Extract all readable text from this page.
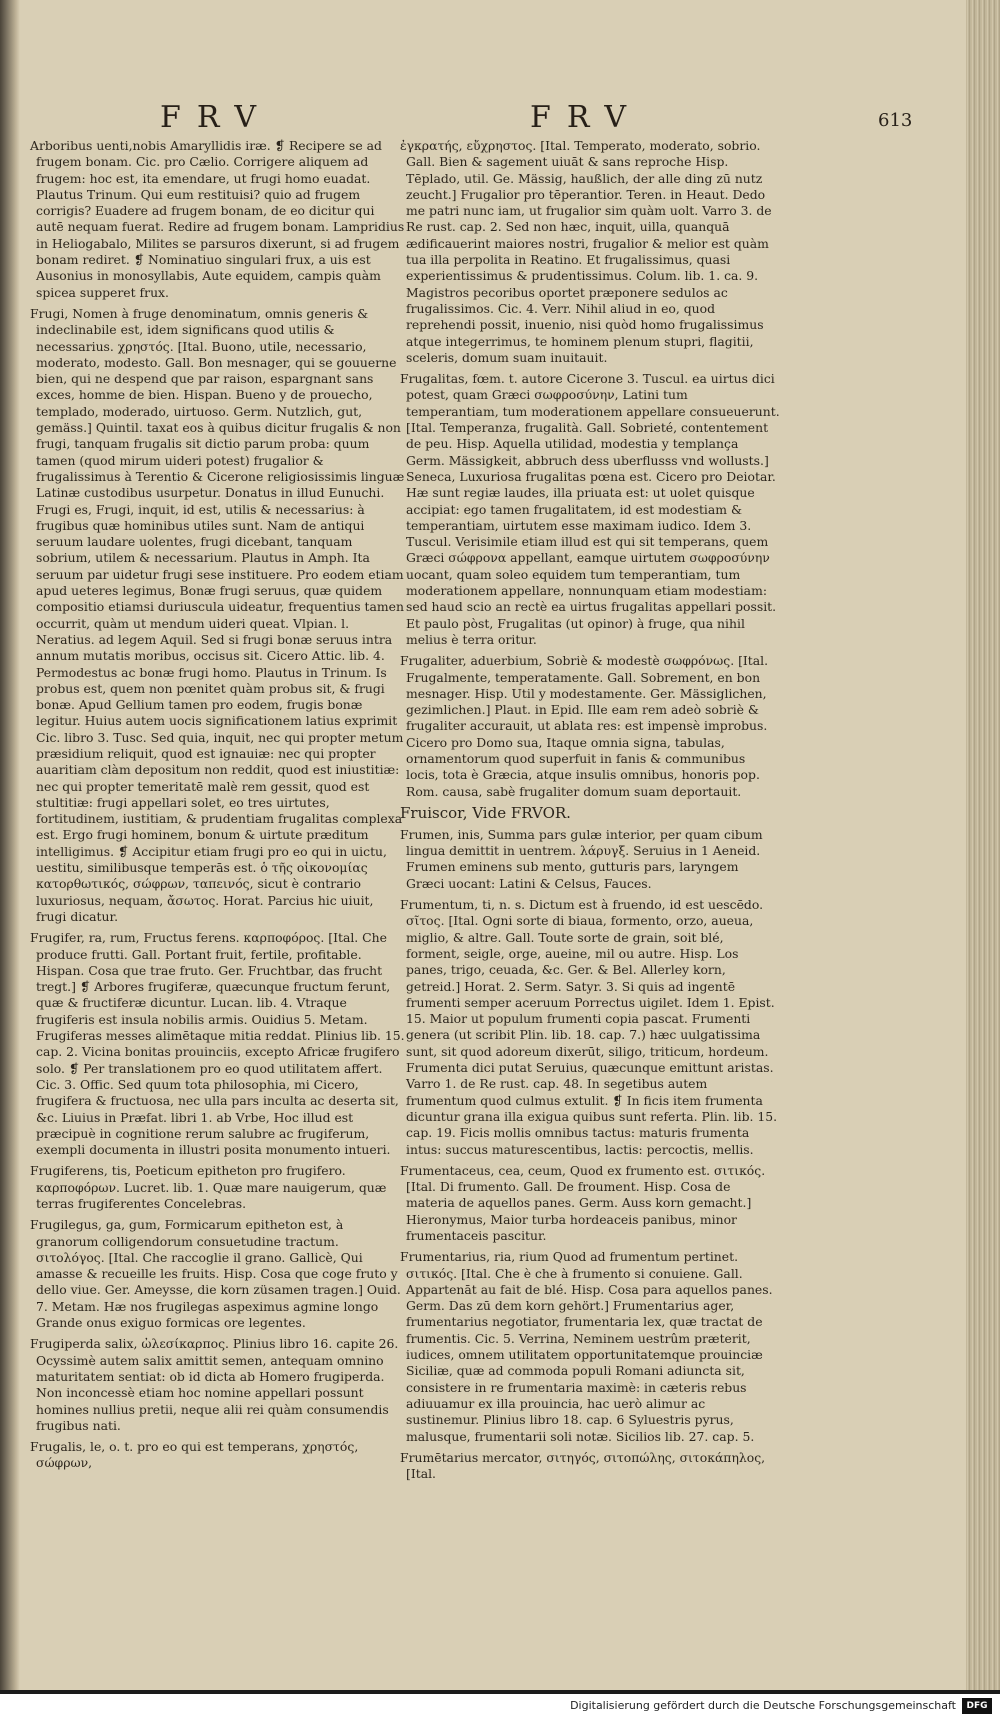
FRV	FRV	613

Arboribus uenti,nobis Amaryllidis iræ. ❡ Recipere se ad frugem bonam. Cic. pro Cælio. Corrigere aliquem ad frugem: hoc est, ita emendare, ut frugi homo euadat. Plautus Trinum. Qui eum restituisi? quio ad frugem corrigis? Euadere ad frugem bonam, de eo dicitur qui autē nequam fuerat. Redire ad frugem bonam. Lampridius in Heliogabalo, Milites se parsuros dixerunt, si ad frugem bonam rediret. ❡ Nominatiuo singulari frux, a uis est Ausonius in monosyllabis, Aute equidem, campis quàm spicea supperet frux.

Frugi, Nomen à fruge denominatum, omnis generis & indeclinabile est, idem significans quod utilis & necessarius. χρηστός. [Ital. Buono, utile, necessario, moderato, modesto. Gall. Bon mesnager, qui se gouuerne bien, qui ne despend que par raison, espargnant sans exces, homme de bien. Hispan. Bueno y de prouecho, templado, moderado, uirtuoso. Germ. Nutzlich, gut, gemäss.] Quintil. taxat eos à quibus dicitur frugalis & non frugi, tanquam frugalis sit dictio parum proba: quum tamen (quod mirum uideri potest) frugalior & frugalissimus à Terentio & Cicerone religiosissimis linguæ Latinæ custodibus usurpetur. Donatus in illud Eunuchi. Frugi es, Frugi, inquit, id est, utilis & necessarius: à frugibus quæ hominibus utiles sunt. Nam de antiqui seruum laudare uolentes, frugi dicebant, tanquam sobrium, utilem & necessarium. Plautus in Amph. Ita seruum par uidetur frugi sese instituere. Pro eodem etiam apud ueteres legimus, Bonæ frugi seruus, quæ quidem compositio etiamsi duriuscula uideatur, frequentius tamen occurrit, quàm ut mendum uideri queat. Vlpian. l. Neratius. ad legem Aquil. Sed si frugi bonæ seruus intra annum mutatis moribus, occisus sit. Cicero Attic. lib. 4. Permodestus ac bonæ frugi homo. Plautus in Trinum. Is probus est, quem non pœnitet quàm probus sit, & frugi bonæ. Apud Gellium tamen pro eodem, frugis bonæ legitur. Huius autem uocis significationem latius exprimit Cic. libro 3. Tusc. Sed quia, inquit, nec qui propter metum præsidium reliquit, quod est ignauiæ: nec qui propter auaritiam clàm depositum non reddit, quod est iniustitiæ: nec qui propter temeritatē malè rem gessit, quod est stultitiæ: frugi appellari solet, eo tres uirtutes, fortitudinem, iustitiam, & prudentiam frugalitas complexa est. Ergo frugi hominem, bonum & uirtute præditum intelligimus. ❡ Accipitur etiam frugi pro eo qui in uictu, uestitu, similibusque temperās est. ὁ τῆς οἰκονομίας κατορθωτικός, σώφρων, ταπεινός, sicut è contrario luxuriosus, nequam, ἄσωτος. Horat. Parcius hic uiuit, frugi dicatur.

Frugifer, ra, rum, Fructus ferens. καρποφόρος. [Ital. Che produce frutti. Gall. Portant fruit, fertile, profitable. Hispan. Cosa que trae fruto. Ger. Fruchtbar, das frucht tregt.] ❡ Arbores frugiferæ, quæcunque fructum ferunt, quæ & fructiferæ dicuntur. Lucan. lib. 4. Vtraque frugiferis est insula nobilis armis. Ouidius 5. Metam. Frugiferas messes alimētaque mitia reddat. Plinius lib. 15. cap. 2. Vicina bonitas prouinciis, excepto Africæ frugifero solo. ❡ Per translationem pro eo quod utilitatem affert. Cic. 3. Offic. Sed quum tota philosophia, mi Cicero, frugifera & fructuosa, nec ulla pars inculta ac deserta sit, &c. Liuius in Præfat. libri 1. ab Vrbe, Hoc illud est præcipuè in cognitione rerum salubre ac frugiferum, exempli documenta in illustri posita monumento intueri.

Frugiferens, tis, Poeticum epitheton pro frugifero. καρποφόρων. Lucret. lib. 1. Quæ mare nauigerum, quæ terras frugiferentes Concelebras.

Frugilegus, ga, gum, Formicarum epitheton est, à granorum colligendorum consuetudine tractum. σιτολόγος. [Ital. Che raccoglie il grano. Gallicè, Qui amasse & recueille les fruits. Hisp. Cosa que coge fruto y dello viue. Ger. Ameysse, die korn züsamen tragen.] Ouid. 7. Metam. Hæ nos frugilegas aspeximus agmine longo Grande onus exiguo formicas ore legentes.

Frugiperda salix, ὠλεσίκαρπος. Plinius libro 16. capite 26. Ocyssimè autem salix amittit semen, antequam omnino maturitatem sentiat: ob id dicta ab Homero frugiperda. Non inconcessè etiam hoc nomine appellari possunt homines nullius pretii, neque alii rei quàm consumendis frugibus nati.

Frugalis, le, o. t. pro eo qui est temperans, χρηστός, σώφρων,

ἐγκρατής, εὔχρηστος. [Ital. Temperato, moderato, sobrio. Gall. Bien & sagement uiuāt & sans reproche Hisp. Tēplado, util. Ge. Mässig, haußlich, der alle ding zū nutz zeucht.] Frugalior pro tēperantior. Teren. in Heaut. Dedo me patri nunc iam, ut frugalior sim quàm uolt. Varro 3. de Re rust. cap. 2. Sed non hæc, inquit, uilla, quanquā ædificauerint maiores nostri, frugalior & melior est quàm tua illa perpolita in Reatino. Et frugalissimus, quasi experientissimus & prudentissimus. Colum. lib. 1. ca. 9. Magistros pecoribus oportet præponere sedulos ac frugalissimos. Cic. 4. Verr. Nihil aliud in eo, quod reprehendi possit, inuenio, nisi quòd homo frugalissimus atque integerrimus, te hominem plenum stupri, flagitii, sceleris, domum suam inuitauit.

Frugalitas, fœm. t. autore Cicerone 3. Tuscul. ea uirtus dici potest, quam Græci σωφροσύνην, Latini tum temperantiam, tum moderationem appellare consueuerunt. [Ital. Temperanza, frugalità. Gall. Sobrieté, contentement de peu. Hisp. Aquella utilidad, modestia y templança Germ. Mässigkeit, abbruch dess uberflusss vnd wollusts.] Seneca, Luxuriosa frugalitas pœna est. Cicero pro Deiotar. Hæ sunt regiæ laudes, illa priuata est: ut uolet quisque accipiat: ego tamen frugalitatem, id est modestiam & temperantiam, uirtutem esse maximam iudico. Idem 3. Tuscul. Verisimile etiam illud est qui sit temperans, quem Græci σώφρονα appellant, eamque uirtutem σωφροσύνην uocant, quam soleo equidem tum temperantiam, tum moderationem appellare, nonnunquam etiam modestiam: sed haud scio an rectè ea uirtus frugalitas appellari possit. Et paulo pòst, Frugalitas (ut opinor) à fruge, qua nihil melius è terra oritur.

Frugaliter, aduerbium, Sobriè & modestè σωφρόνως. [Ital. Frugalmente, temperatamente. Gall. Sobrement, en bon mesnager. Hisp. Util y modestamente. Ger. Mässiglichen, gezimlichen.] Plaut. in Epid. Ille eam rem adeò sobriè & frugaliter accurauit, ut ablata res: est impensè improbus. Cicero pro Domo sua, Itaque omnia signa, tabulas, ornamentorum quod superfuit in fanis & communibus locis, tota è Græcia, atque insulis omnibus, honoris pop. Rom. causa, sabè frugaliter domum suam deportauit.

Fruiscor, Vide FRVOR.

Frumen, inis, Summa pars gulæ interior, per quam cibum lingua demittit in uentrem. λάρυγξ. Seruius in 1 Aeneid. Frumen eminens sub mento, gutturis pars, laryngem Græci uocant: Latini & Celsus, Fauces.

Frumentum, ti, n. s. Dictum est à fruendo, id est uescēdo. σῖτος. [Ital. Ogni sorte di biaua, formento, orzo, aueua, miglio, & altre. Gall. Toute sorte de grain, soit blé, forment, seigle, orge, aueine, mil ou autre. Hisp. Los panes, trigo, ceuada, &c. Ger. & Bel. Allerley korn, getreid.] Horat. 2. Serm. Satyr. 3. Si quis ad ingentē frumenti semper aceruum Porrectus uigilet. Idem 1. Epist. 15. Maior ut populum frumenti copia pascat. Frumenti genera (ut scribit Plin. lib. 18. cap. 7.) hæc uulgatissima sunt, sit quod adoreum dixerūt, siligo, triticum, hordeum. Frumenta dici putat Seruius, quæcunque emittunt aristas. Varro 1. de Re rust. cap. 48. In segetibus autem frumentum quod culmus extulit. ❡ In ficis item frumenta dicuntur grana illa exigua quibus sunt referta. Plin. lib. 15. cap. 19. Ficis mollis omnibus tactus: maturis frumenta intus: succus maturescentibus, lactis: percoctis, mellis.

Frumentaceus, cea, ceum, Quod ex frumento est. σιτικός. [Ital. Di frumento. Gall. De froument. Hisp. Cosa de materia de aquellos panes. Germ. Auss korn gemacht.] Hieronymus, Maior turba hordeaceis panibus, minor frumentaceis pascitur.

Frumentarius, ria, rium Quod ad frumentum pertinet. σιτικός. [Ital. Che è che à frumento si conuiene. Gall. Appartenāt au fait de blé. Hisp. Cosa para aquellos panes. Germ. Das zū dem korn gehört.] Frumentarius ager, frumentarius negotiator, frumentaria lex, quæ tractat de frumentis. Cic. 5. Verrina, Neminem uestrûm præterit, iudices, omnem utilitatem opportunitatemque prouinciæ Siciliæ, quæ ad commoda populi Romani adiuncta sit, consistere in re frumentaria maximè: in cæteris rebus adiuuamur ex illa prouincia, hac uerò alimur ac sustinemur. Plinius libro 18. cap. 6 Syluestris pyrus, malusque, frumentarii soli notæ. Sicilios lib. 27. cap. 5.

Frumētarius mercator, σιτηγός, σιτοπώλης, σιτοκάπηλος, [Ital.

Digitalisierung gefördert durch die Deutsche Forschungsgemeinschaft	DFG
